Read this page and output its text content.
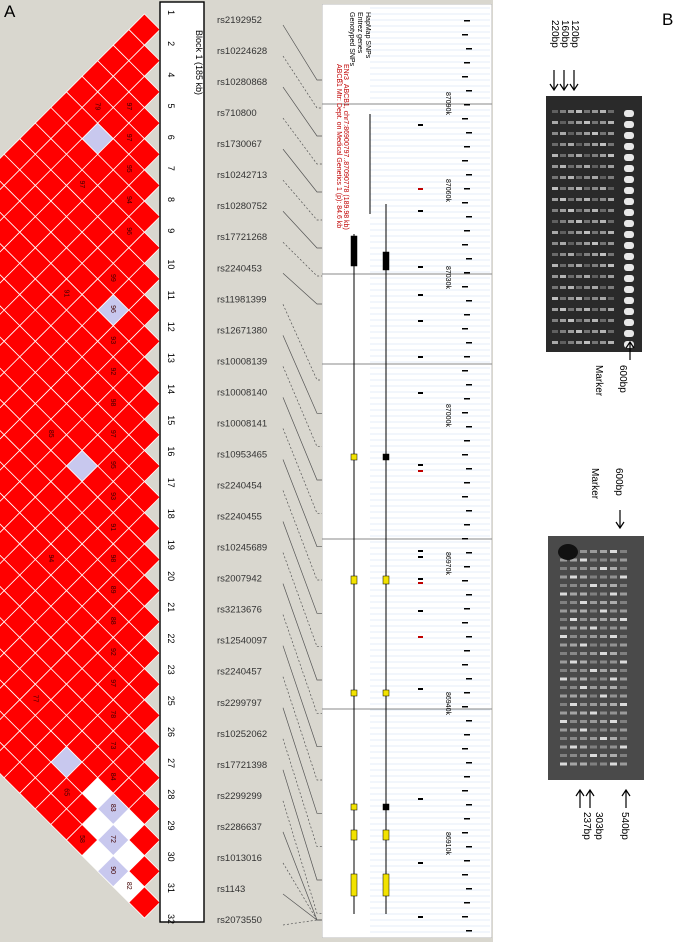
A	B
97
97
95
94
96
99
96
93
92
98
97
95
93
91
98
89
88
92
97
78
73
84
83
72
90
82
79
97
91
85
94
77
65
58
Block 1 (185 kb)
1
2
4
5
6
7
8
9
10
11
12
13
14
15
16
17
18
19
20
21
22
23
25
26
27
28
29
30
31
32
rs2192952
rs10224628
rs10280868
rs710800
rs1730067
rs10242713
rs10280752
rs17721268
rs2240453
rs11981399
rs12671380
rs10008139
rs10008140
rs10008141
rs10953465
rs2240454
rs2240455
rs10245689
rs2007942
rs3213676
rs12540097
rs2240457
rs2299797
rs10252062
rs17721398
rs2299299
rs2286637
rs1013016
rs1143
rs2073550
Genotyped SNPs Entrez genes HapMap SNPs
ABCB1 Mtr: Dept. on Medical Genetics 1 (p): 84.6 kb ENr3_ABCB1, chr7:86900797..87090778 (189.98 kb)	87090k
87060k
87030k
87000k
86970k
86940k
86910k
220bp 160bp 120bp
Marker 600bp
Marker 600bp
540bp
303bp
237bp
